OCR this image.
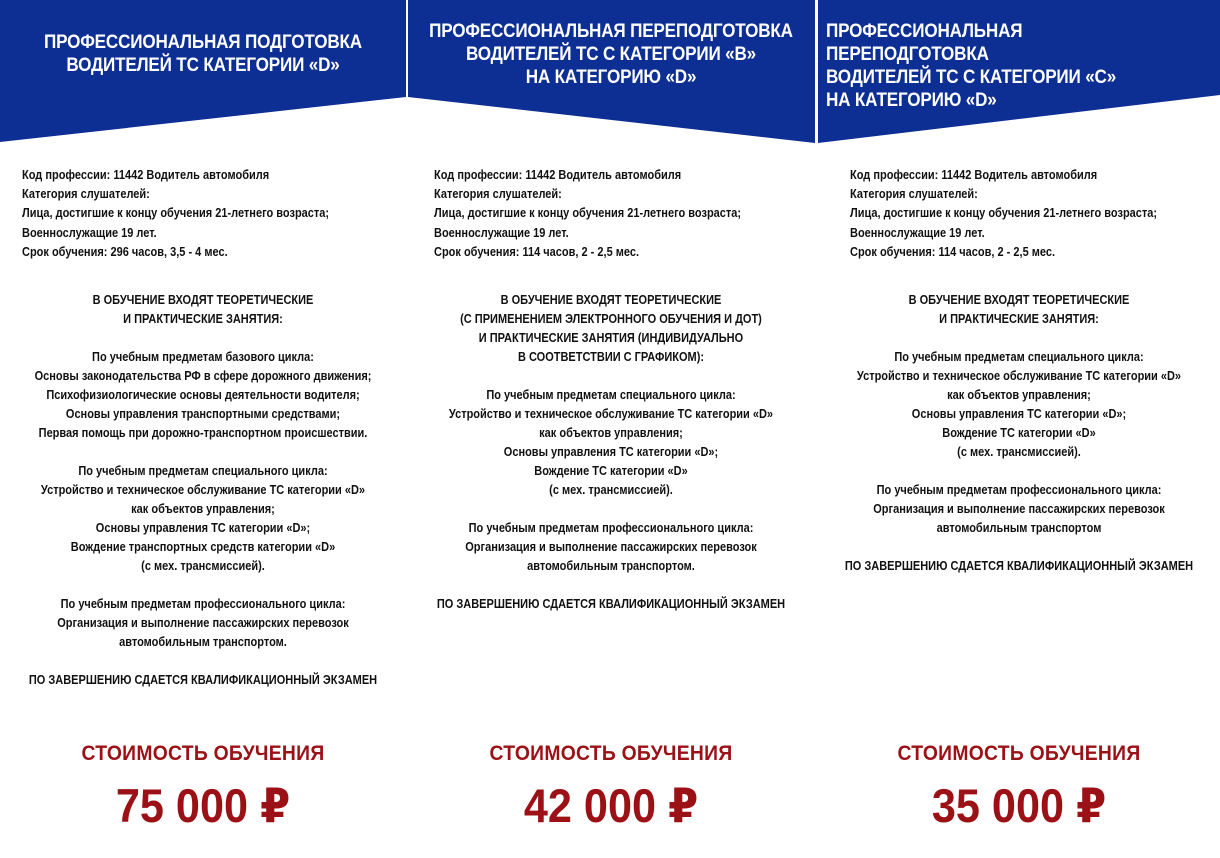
ПРОФЕССИОНАЛЬНАЯ ПОДГОТОВКА
ВОДИТЕЛЕЙ ТС КАТЕГОРИИ «D»
Код профессии: 11442 Водитель автомобиля
Категория слушателей:
Лица, достигшие к концу обучения 21-летнего возраста;
Военнослужащие 19 лет.
Срок обучения: 296 часов, 3,5 - 4 мес.
В ОБУЧЕНИЕ ВХОДЯТ ТЕОРЕТИЧЕСКИЕ
И ПРАКТИЧЕСКИЕ ЗАНЯТИЯ:
По учебным предметам базового цикла:
Основы законодательства РФ в сфере дорожного движения;
Психофизиологические основы деятельности водителя;
Основы управления транспортными средствами;
Первая помощь при дорожно-транспортном происшествии.
По учебным предметам специального цикла:
Устройство и техническое обслуживание ТС категории «D»
как объектов управления;
Основы управления ТС категории «D»;
Вождение транспортных средств категории «D»
(с мех. трансмиссией).
По учебным предметам профессионального цикла:
Организация и выполнение пассажирских перевозок
автомобильным транспортом.
ПО ЗАВЕРШЕНИЮ СДАЕТСЯ КВАЛИФИКАЦИОННЫЙ ЭКЗАМЕН
СТОИМОСТЬ ОБУЧЕНИЯ
75 000 ₽
ПРОФЕССИОНАЛЬНАЯ ПЕРЕПОДГОТОВКА
ВОДИТЕЛЕЙ ТС С КАТЕГОРИИ «В»
НА КАТЕГОРИЮ «D»
Код профессии: 11442 Водитель автомобиля
Категория слушателей:
Лица, достигшие к концу обучения 21-летнего возраста;
Военнослужащие 19 лет.
Срок обучения: 114 часов, 2 - 2,5 мес.
В ОБУЧЕНИЕ ВХОДЯТ ТЕОРЕТИЧЕСКИЕ
(С ПРИМЕНЕНИЕМ ЭЛЕКТРОННОГО ОБУЧЕНИЯ И ДОТ)
И ПРАКТИЧЕСКИЕ ЗАНЯТИЯ (ИНДИВИДУАЛЬНО
В СООТВЕТСТВИИ С ГРАФИКОМ):
По учебным предметам специального цикла:
Устройство и техническое обслуживание ТС категории «D»
как объектов управления;
Основы управления ТС категории «D»;
Вождение ТС категории «D»
(с мех. трансмиссией).
По учебным предметам профессионального цикла:
Организация и выполнение пассажирских перевозок
автомобильным транспортом.
ПО ЗАВЕРШЕНИЮ СДАЕТСЯ КВАЛИФИКАЦИОННЫЙ ЭКЗАМЕН
СТОИМОСТЬ ОБУЧЕНИЯ
42 000 ₽
ПРОФЕССИОНАЛЬНАЯ ПЕРЕПОДГОТОВКА
ВОДИТЕЛЕЙ ТС С КАТЕГОРИИ «С»
НА КАТЕГОРИЮ «D»
Код профессии: 11442 Водитель автомобиля
Категория слушателей:
Лица, достигшие к концу обучения 21-летнего возраста;
Военнослужащие 19 лет.
Срок обучения: 114 часов, 2 - 2,5 мес.
В ОБУЧЕНИЕ ВХОДЯТ ТЕОРЕТИЧЕСКИЕ
И ПРАКТИЧЕСКИЕ ЗАНЯТИЯ:
По учебным предметам специального цикла:
Устройство и техническое обслуживание ТС категории «D»
как объектов управления;
Основы управления ТС категории «D»;
Вождение ТС категории «D»
(с мех. трансмиссией).
По учебным предметам профессионального цикла:
Организация и выполнение пассажирских перевозок
автомобильным транспортом
ПО ЗАВЕРШЕНИЮ СДАЕТСЯ КВАЛИФИКАЦИОННЫЙ ЭКЗАМЕН
СТОИМОСТЬ ОБУЧЕНИЯ
35 000 ₽
